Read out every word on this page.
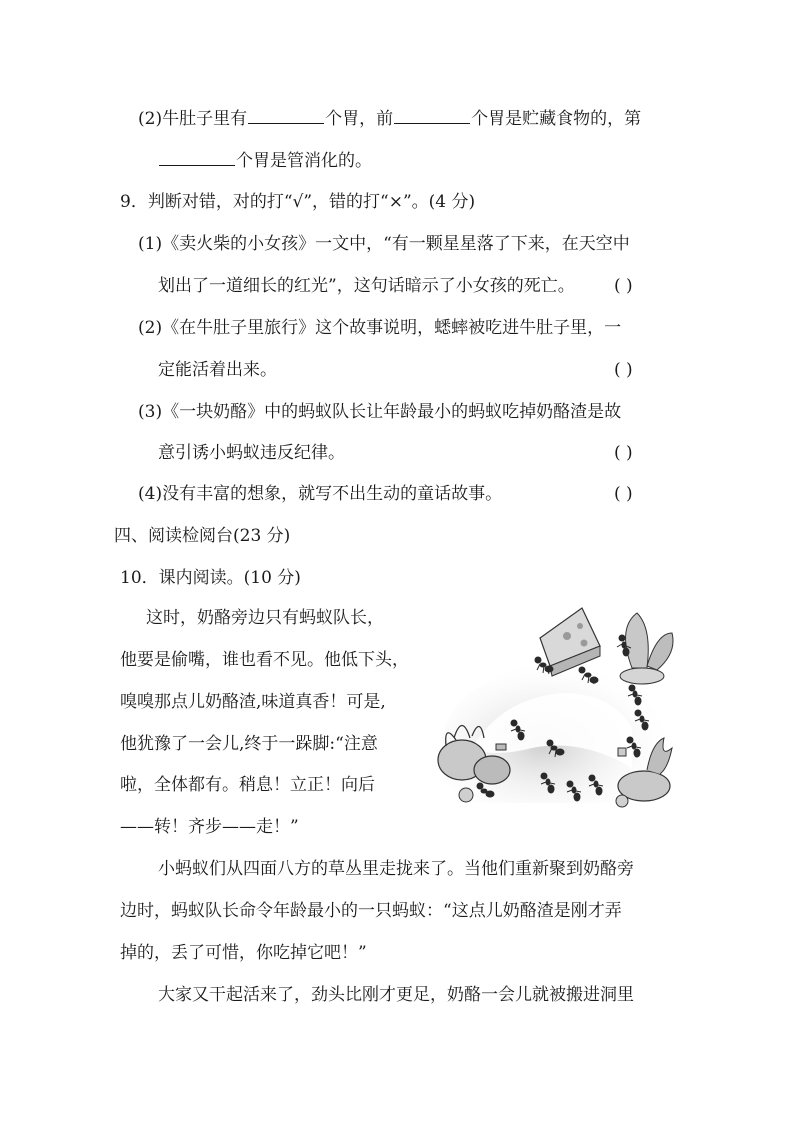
(2)牛肚子里有	个胃，前	个胃是贮藏食物的，第
个胃是管消化的。
9．判断对错，对的打“√”，错的打“×”。(4 分)
(1)《卖火柴的小女孩》一文中，“有一颗星星落了下来，在天空中
划出了一道细长的红光”，这句话暗示了小女孩的死亡。 ( )
(2)《在牛肚子里旅行》这个故事说明，蟋蟀被吃进牛肚子里，一
定能活着出来。	( )
(3)《一块奶酪》中的蚂蚁队长让年龄最小的蚂蚁吃掉奶酪渣是故
意引诱小蚂蚁违反纪律。	( )
(4)没有丰富的想象，就写不出生动的童话故事。	( )
四、阅读检阅台(23 分)
10．课内阅读。(10 分)
这时，奶酪旁边只有蚂蚁队长，
他要是偷嘴，谁也看不见。他低下头，
嗅嗅那点儿奶酪渣,味道真香！可是,
他犹豫了一会儿,终于一跺脚:“注意
啦，全体都有。稍息！立正！向后
——转！齐步——走！”
小蚂蚁们从四面八方的草丛里走拢来了。当他们重新聚到奶酪旁
边时，蚂蚁队长命令年龄最小的一只蚂蚁：“这点儿奶酪渣是刚才弄
掉的，丢了可惜，你吃掉它吧！”
大家又干起活来了，劲头比刚才更足，奶酪一会儿就被搬进洞里
